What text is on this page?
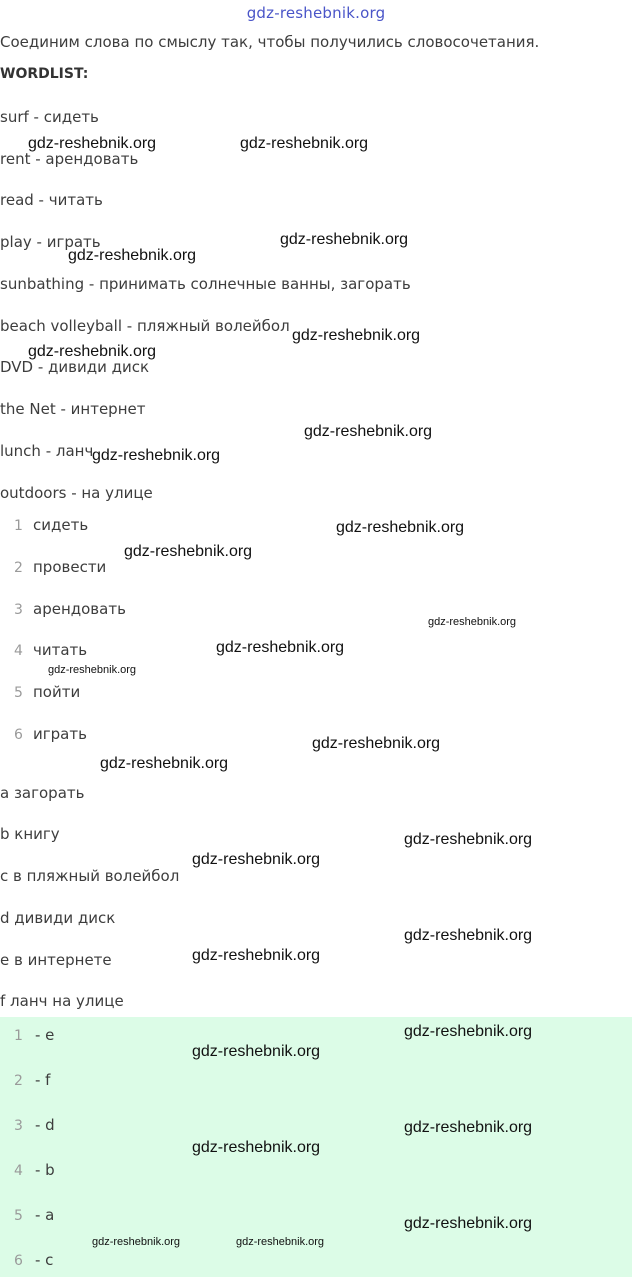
gdz-reshebnik.org
Соединим слова по смыслу так, чтобы получились словосочетания.
WORDLIST:
surf - сидеть
rent - арендовать
read - читать
play - играть
sunbathing - принимать солнечные ванны, загорать
beach volleyball - пляжный волейбол
DVD - дивиди диск
the Net - интернет
lunch - ланч
outdoors - на улице
1 сидеть
2 провести
3 арендовать
4 читать
5 пойти
6 играть
a загорать
b книгу
c в пляжный волейбол
d дивиди диск
e в интернете
f ланч на улице
1 - e
2 - f
3 - d
4 - b
5 - a
6 - c
gdz-reshebnik.org	gdz-reshebnik.org
gdz-reshebnik.org
gdz-reshebnik.org
gdz-reshebnik.org
gdz-reshebnik.org
gdz-reshebnik.org
gdz-reshebnik.org
gdz-reshebnik.org
gdz-reshebnik.org
gdz-reshebnik.org
gdz-reshebnik.org
gdz-reshebnik.org
gdz-reshebnik.org
gdz-reshebnik.org
gdz-reshebnik.org
gdz-reshebnik.org
gdz-reshebnik.org
gdz-reshebnik.org
gdz-reshebnik.org
gdz-reshebnik.org
gdz-reshebnik.org
gdz-reshebnik.org
gdz-reshebnik.org
gdz-reshebnik.org	gdz-reshebnik.org
